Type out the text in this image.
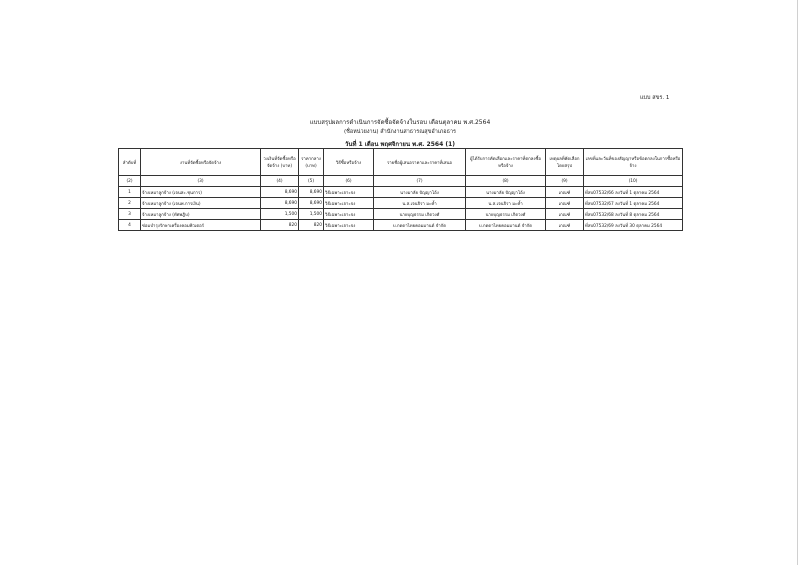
แบบ สขร. 1
แบบสรุปผลการดำเนินการจัดซื้อจัดจ้างในรอบ เดือนตุลาคม พ.ศ.2564
(ชื่อหน่วยงาน) สำนักงานสาธารณสุขอำเภอธาร
วันที่ 1 เดือน พฤศจิกายน พ.ศ. 2564 (1)
ลำดับที่	งานที่จัดซื้อหรือจัดจ้าง	วงเงินที่จัดซื้อหรือจัดจ้าง (บาท)	ราคากลาง (บาท)	วิธีซื้อหรือจ้าง	รายชื่อผู้เสนอราคาและราคาที่เสนอ	ผู้ได้รับการคัดเลือกและราคาที่ตกลงซื้อหรือจ้าง	เหตุผลที่คัดเลือกโดยสรุป	เลขที่และวันที่ของสัญญาหรือข้อตกลงในการซื้อหรือจ้าง
(2)	(3)	(4)	(5)	(6)	(7)	(8)	(9)	(10)
1	จ้างเหมาลูกจ้าง (เจนสะ.ชุนการ)	8,690	8,690	วิธีเฉพาะเจาะจง	นางมาลัย ปัญญาโอ้ง	นางมาลัย ปัญญาโอ้ง	เกณฑ์	ที่สบ07532/66 ลงวันที่ 1 ตุลาคม 2564
2	จ้างเหมาลูกจ้าง (เจนพ.การเงิน)	8,690	8,690	วิธีเฉพาะเจาะจง	น.ส.เจนจิรา มะค้ำ	น.ส.เจนจิรา มะค้ำ	เกณฑ์	ที่สบ07532/67 ลงวันที่ 1 ตุลาคม 2564
3	จ้างเหมาลูกจ้าง (ทัศพฎิบ)	1,500	1,500	วิธีเฉพาะเจาะจง	นายบุญธรรม เกิดวงศ์	นายบุญธรรม เกิดวงศ์	เกณฑ์	ที่สบ07532/68 ลงวันที่ 8 ตุลาคม 2564
4	ซ่อมบำรุงรักษาเครื่องคอมพิวเตอร์	820	820	วิธีเฉพาะเจาะจง	บ.กดดาไทยคอมมานด์ จำกัด	บ.กดดาไทยคอมมานด์ จำกัด	เกณฑ์	ที่สบ07532/69 ลงวันที่ 30 ตุลาคม 2564
